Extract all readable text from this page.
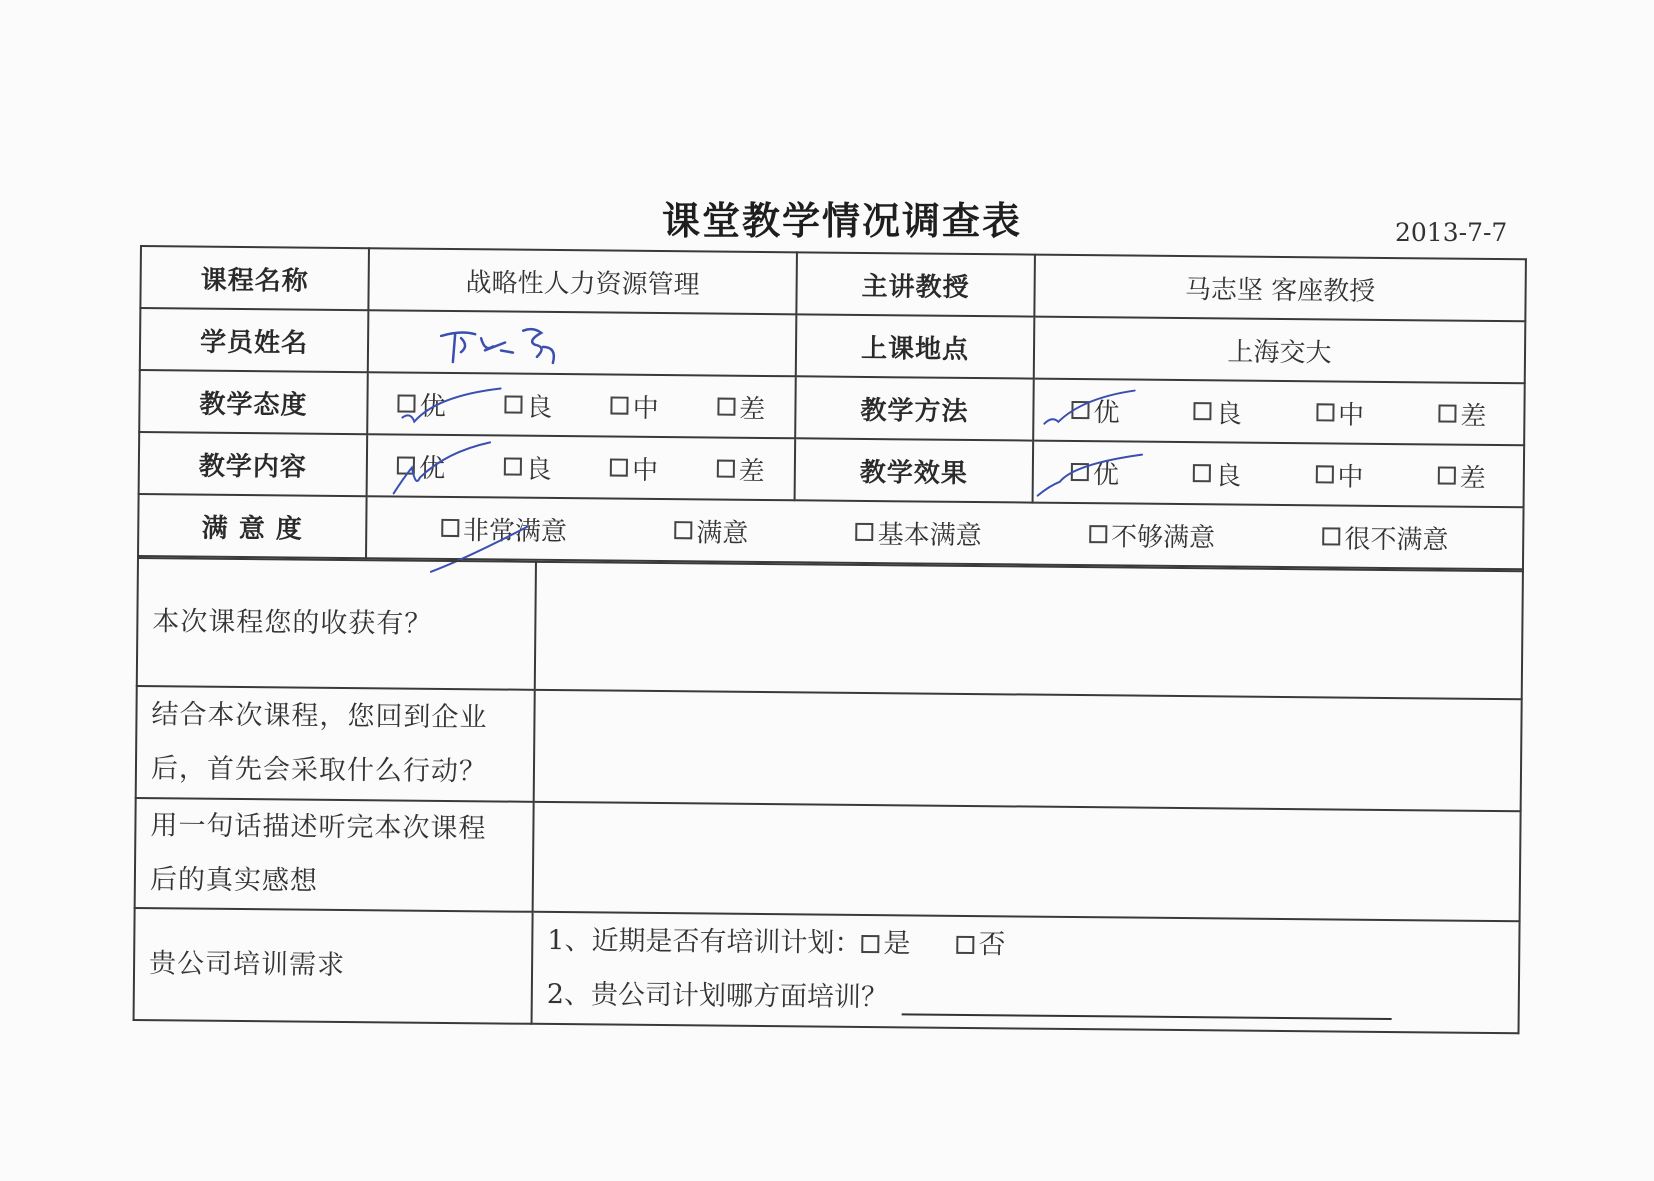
课堂教学情况调查表	2013-7-7
课程名称	战略性人力资源管理	主讲教授	马志坚 客座教授
学员姓名		上课地点	上海交大
教学态度	优 良 中 差	教学方法	优 良 中 差

教学内容	优 良 中 差	教学效果	优 良 中 差

满 意 度	非常满意 满意 基本满意 不够满意 很不满意		
本次课程您的收获有？	

结合本次课程，您回到企业
后，首先会采取什么行动？	

用一句话描述听完本次课程
后的真实感想	

贵公司培训需求	1、近期是否有培训计划： 是 否
2、贵公司计划哪方面培训？
